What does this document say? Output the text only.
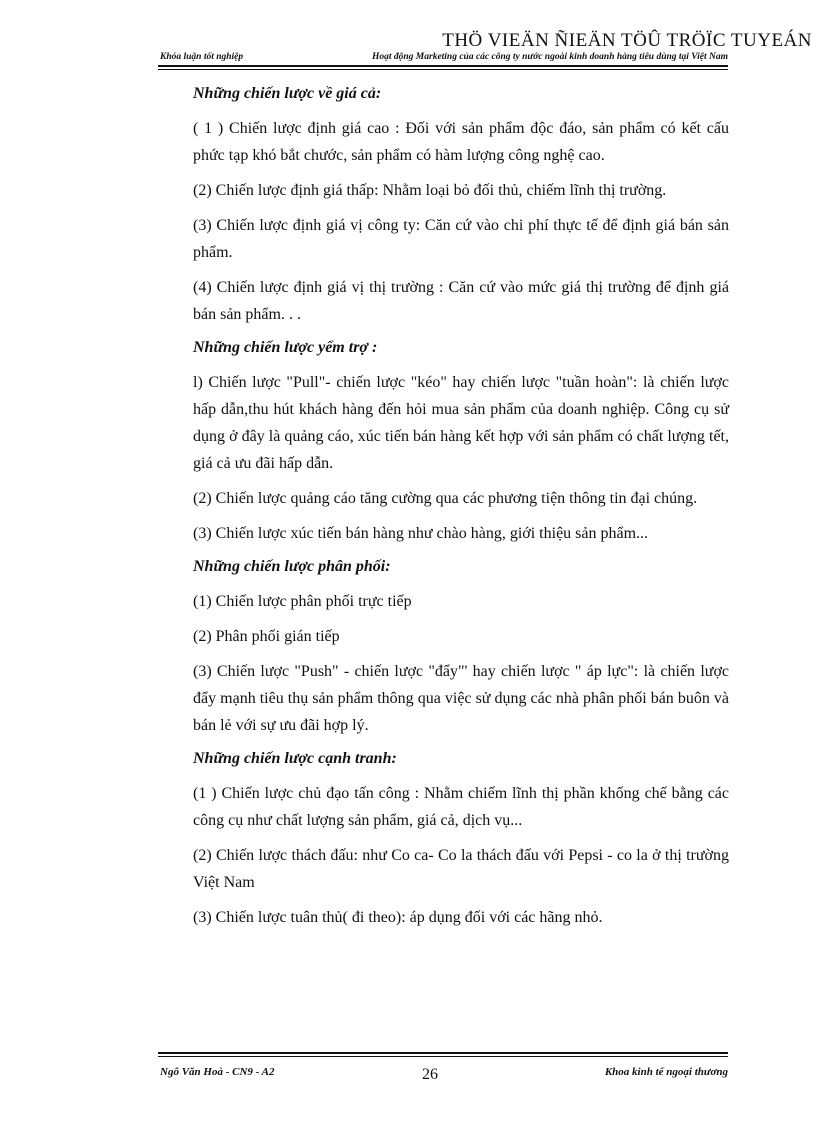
THÖ VIEÄN ÑIEÄN TÖÛ TRÖÏC TUYEÁN
Khóa luận tốt nghiệp	Hoạt động Marketing của các công ty nước ngoài kinh doanh hàng tiêu dùng tại Việt Nam
Những chiến lược về giá cả:

( 1 ) Chiến lược định giá cao : Đối với sản phẩm độc đáo, sản phẩm có kết cấu phức tạp khó bắt chước, sản phẩm có hàm lượng công nghệ cao.

(2) Chiến lược định giá thấp: Nhằm loại bỏ đối thủ, chiếm lĩnh thị trường.

(3) Chiến lược định giá vị công ty: Căn cứ vào chi phí thực tế để định giá bán sản phẩm.

(4) Chiến lược định giá vị thị trường : Căn cứ vào mức giá thị trường để định giá bán sản phẩm. . .

Những chiến lược yểm trợ :

l) Chiến lược "Pull"- chiến lược "kéo" hay chiến lược "tuần hoàn": là chiến lược hấp dẫn,thu hút khách hàng đến hỏi mua sản phẩm của doanh nghiệp. Công cụ sử dụng ở đây là quảng cáo, xúc tiến bán hàng kết hợp với sản phẩm có chất lượng tết, giá cả ưu đãi hấp dẫn.

(2) Chiến lược quảng cáo tăng cường qua các phương tiện thông tin đại chúng.

(3) Chiến lược xúc tiến bán hàng như chào hàng, giới thiệu sản phẩm...

Những chiến lược phân phối:

(1) Chiến lược phân phối trực tiếp

(2) Phân phối gián tiếp

(3) Chiến lược "Push" - chiến lược "đẩy"' hay chiến lược " áp lực": là chiến lược đẩy mạnh tiêu thụ sản phẩm thông qua việc sử dụng các nhà phân phối bán buôn và bán lẻ với sự ưu đãi hợp lý.

Những chiến lược cạnh tranh:

(1 ) Chiến lược chủ đạo tấn công : Nhằm chiếm lĩnh thị phần khống chế bằng các công cụ như chất lượng sản phẩm, giá cả, dịch vụ...

(2) Chiến lược thách đấu: như Co ca- Co la thách đấu với Pepsi - co la ở thị trường Việt Nam

(3) Chiến lược tuân thủ( đi theo): áp dụng đối với các hãng nhỏ.

Ngô Văn Hoà - CN9 - A2	26	Khoa kinh tế ngoại thương
